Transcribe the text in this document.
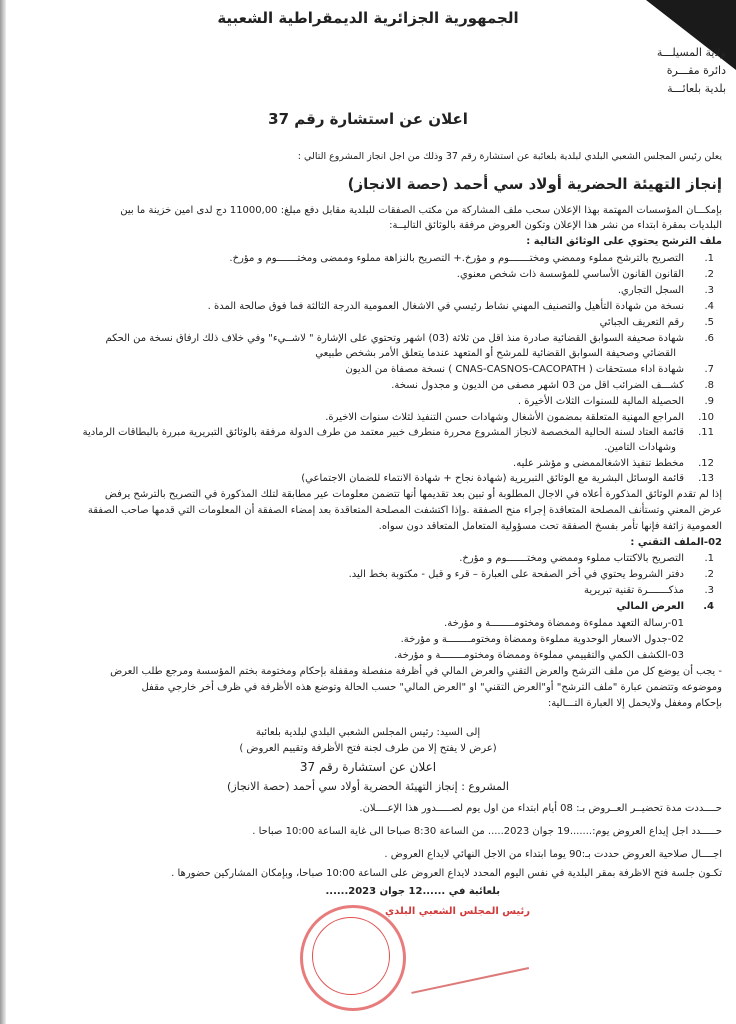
الجمهورية الجزائرية الديمقراطية الشعبية
ولاية المسيلـــة
دائرة مقـــرة
بلدية بلعائـــة
اعلان عن استشارة رقم 37
يعلن رئيس المجلس الشعبي البلدي لبلدية بلعائبة عن استشارة رقم 37 وذلك من اجل انجاز المشروع التالي :
إنجاز التهيئة الحضرية أولاد سي أحمد (حصة الانجاز)
بإمكـــان المؤسسات المهتمة بهذا الإعلان سحب ملف المشاركة من مكتب الصفقات للبلدية مقابل دفع مبلغ: 11000,00 دج لدى امين خزينة ما بين
البلديات بمقرة ابتداء من نشر هذا الإعلان وتكون العروض مرفقة بالوثائق التاليــة:
ملف الترشح يحتوي على الوثائق التالية :
1.التصريح بالترشح مملوء وممضي ومختـــــــوم و مؤرخ.+ التصريح بالنزاهة مملوء وممضى ومختـــــــوم و مؤرخ.
2.القانون القانون الأساسي للمؤسسة ذات شخص معنوي.
3.السجل التجاري.
4.نسخة من شهادة التأهيل والتصنيف المهني نشاط رئيسي في الاشغال العمومية الدرجة الثالثة فما فوق صالحة المدة .
5.رقم التعريف الجبائي
6.شهادة صحيفة السوابق القضائية صادرة منذ اقل من ثلاثة (03) اشهر وتحتوي على الإشارة " لاشــيء" وفي خلاف ذلك ارفاق نسخة من الحكم
القضائي وصحيفة السوابق القضائية للمرشح أو المتعهد عندما يتعلق الأمر بشخص طبيعي
7.شهادة اداء مستحقات ( CNAS-CASNOS-CACOPATH ) نسخة مصفاة من الديون
8.كشـــف الضرائب اقل من 03 اشهر مصفى من الديون و مجدول نسخة.
9.الحصيلة المالية للسنوات الثلاث الأخيرة .
10.المراجع المهنية المتعلقة بمضمون الأشغال وشهادات حسن التنفيذ لثلاث سنوات الاخيرة.
11.قائمة العتاد لسنة الحالية المخصصة لانجاز المشروع محررة منطرف خبير معتمد من طرف الدولة مرفقة بالوثائق التبريرية مبررة بالبطاقات الرمادية
وشهادات التامين.
12.مخطط تنفيذ الاشغالممضى و مؤشر عليه.
13.قائمة الوسائل البشرية مع الوثائق التبريرية (شهادة نجاح + شهادة الانتماء للضمان الاجتماعي)
إذا لم تقدم الوثائق المذكورة أعلاه في الاجال المطلوبة أو تبين بعد تقديمها أنها تتضمن معلومات عير مطابقة لتلك المذكورة في التصريح بالترشح يرفض
عرض المعني وتستأنف المصلحة المتعاقدة إجراء منح الصفقة .وإذا اكتشفت المصلحة المتعاقدة بعد إمضاء الصفقة أن المعلومات التي قدمها صاحب الصفقة
العمومية زائفة فإنها تأمر بفسخ الصفقة تحت مسؤولية المتعامل المتعاقد دون سواه.
02-الملف التقني :
1.التصريح بالاكتتاب مملوء وممضي ومختـــــــوم و مؤرخ.
2.دفتر الشروط يحتوي في أخر الصفحة على العبارة – قرء و قبل - مكتوبة بخط اليد.
3.مذكـــــــرة تقنية تبريرية
4.العرض المالي
01-رسالة التعهد مملوءة وممضاة ومختومــــــــة و مؤرخة.
02-جدول الاسعار الوحدوية مملوءة وممضاة ومختومــــــــة و مؤرخة.
03-الكشف الكمي والتقييمي مملوءة وممضاة ومختومــــــــة و مؤرخة.
- يجب أن يوضع كل من ملف الترشح والعرض التقني والعرض المالي في أظرفة منفصلة ومقفلة بإحكام ومختومة بختم المؤسسة ومرجع طلب العرض
وموضوعه وتتضمن عبارة "ملف الترشح" أو"العرض التقني" او "العرض المالي" حسب الحالة وتوضع هذه الأظرفة في ظرف أخر خارجي مقفل
بإحكام ومغفل ولايحمل إلا العبارة التـــالية:
إلى السيد: رئيس المجلس الشعبي البلدي لبلدية بلعائبة
(عرض لا يفتح إلا من طرف لجنة فتح الأظرفة وتقييم العروض )
اعلان عن استشارة رقم 37
المشروع : إنجاز التهيئة الحضرية أولاد سي أحمد (حصة الانجاز)
حــــددت مدة تحضيــر العــروض بـ: 08 أيام ابتداء من اول يوم لصـــــدور هذا الإعــــلان.
حـــــدد اجل إيداع العروض يوم:.......19 جوان 2023..... من الساعة 8:30 صباحا الى غاية الساعة 10:00 صباحا .
اجــــال صلاحية العروض حددت بـ:90 يوما ابتداء من الاجل النهائي لايداع العروض .
تكـون جلسة فتح الاظرفة بمقر البلدية في نفس اليوم المحدد لايداع العروض على الساعة 10:00 صباحا، وبإمكان المشاركين حضورها .
بلعائبة في ......12 جوان 2023......
رئيس المجلس الشعبي البلدي
